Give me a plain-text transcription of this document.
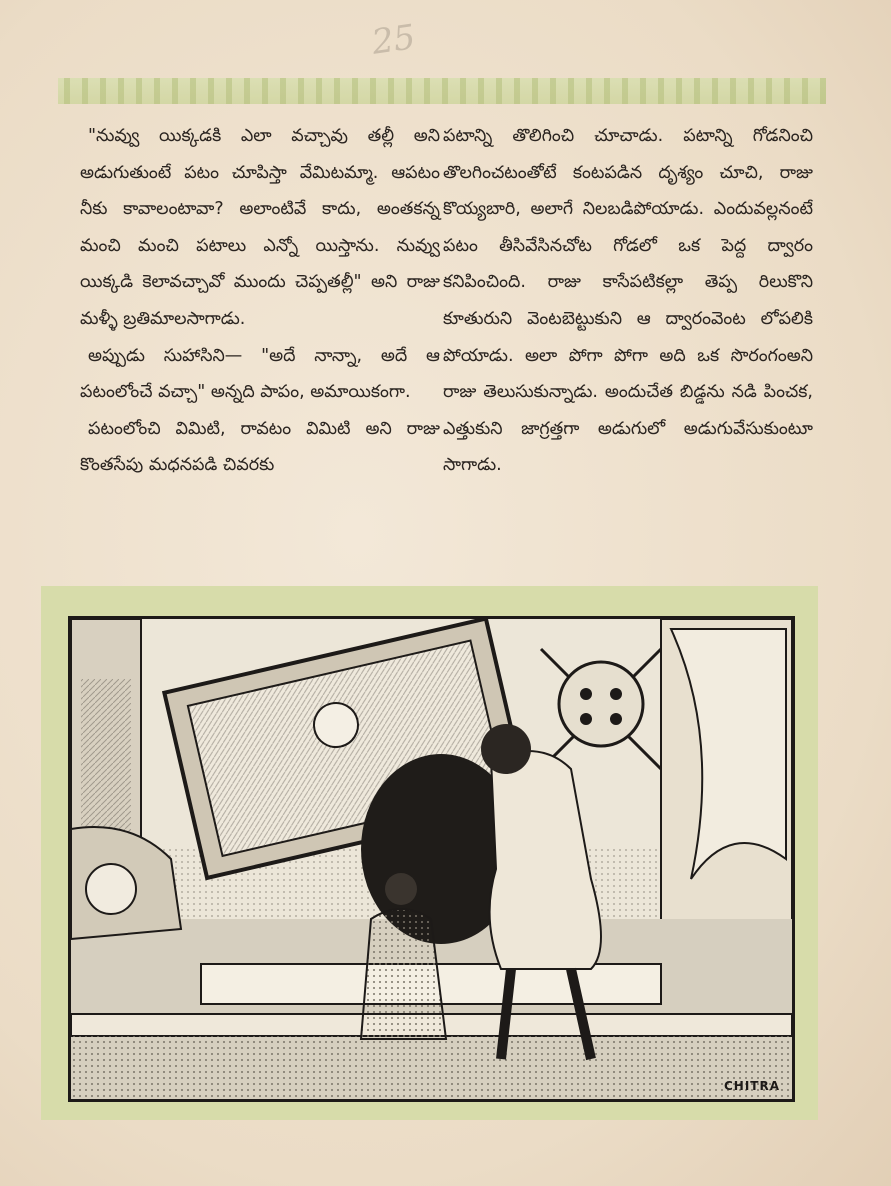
25

"నువ్వు యిక్కడకి ఎలా వచ్చావు తల్లీ అని అడుగుతుంటే పటం చూపిస్తా వేమిటమ్మా. ఆపటం నీకు కావాలంటావా? అలాంటివే కాదు, అంతకన్న మంచి మంచి పటాలు ఎన్నో యిస్తాను. నువ్వు యిక్కడి కెలావచ్చావో ముందు చెప్పతల్లీ" అని రాజు మళ్ళీ బ్రతిమాలసాగాడు.

అప్పుడు సుహాసిని— "అదే నాన్నా, అదే ఆ పటంలోంచే వచ్చా" అన్నది పాపం, అమాయికంగా.

పటంలోంచి విమిటి, రావటం విమిటి అని రాజు కొంతసేపు మధనపడి చివరకు

పటాన్ని తొలిగించి చూచాడు. పటాన్ని గోడనించి తొలగించటంతోటే కంటపడిన దృశ్యం చూచి, రాజు కొయ్యబారి, అలాగే నిలబడిపోయాడు. ఎందువల్లనంటే పటం తీసివేసినచోట గోడలో ఒక పెద్ద ద్వారం కనిపించింది. రాజు కాసేపటికల్లా తెప్ప రిలుకొని కూతురుని వెంటబెట్టుకుని ఆ ద్వారంవెంట లోపలికి పోయాడు. అలా పోగా పోగా అది ఒక సొరంగంఅని రాజు తెలుసుకున్నాడు. అందుచేత బిడ్డను నడి పించక, ఎత్తుకుని జాగ్రత్తగా అడుగులో అడుగువేసుకుంటూ సాగాడు.

CHITRA
